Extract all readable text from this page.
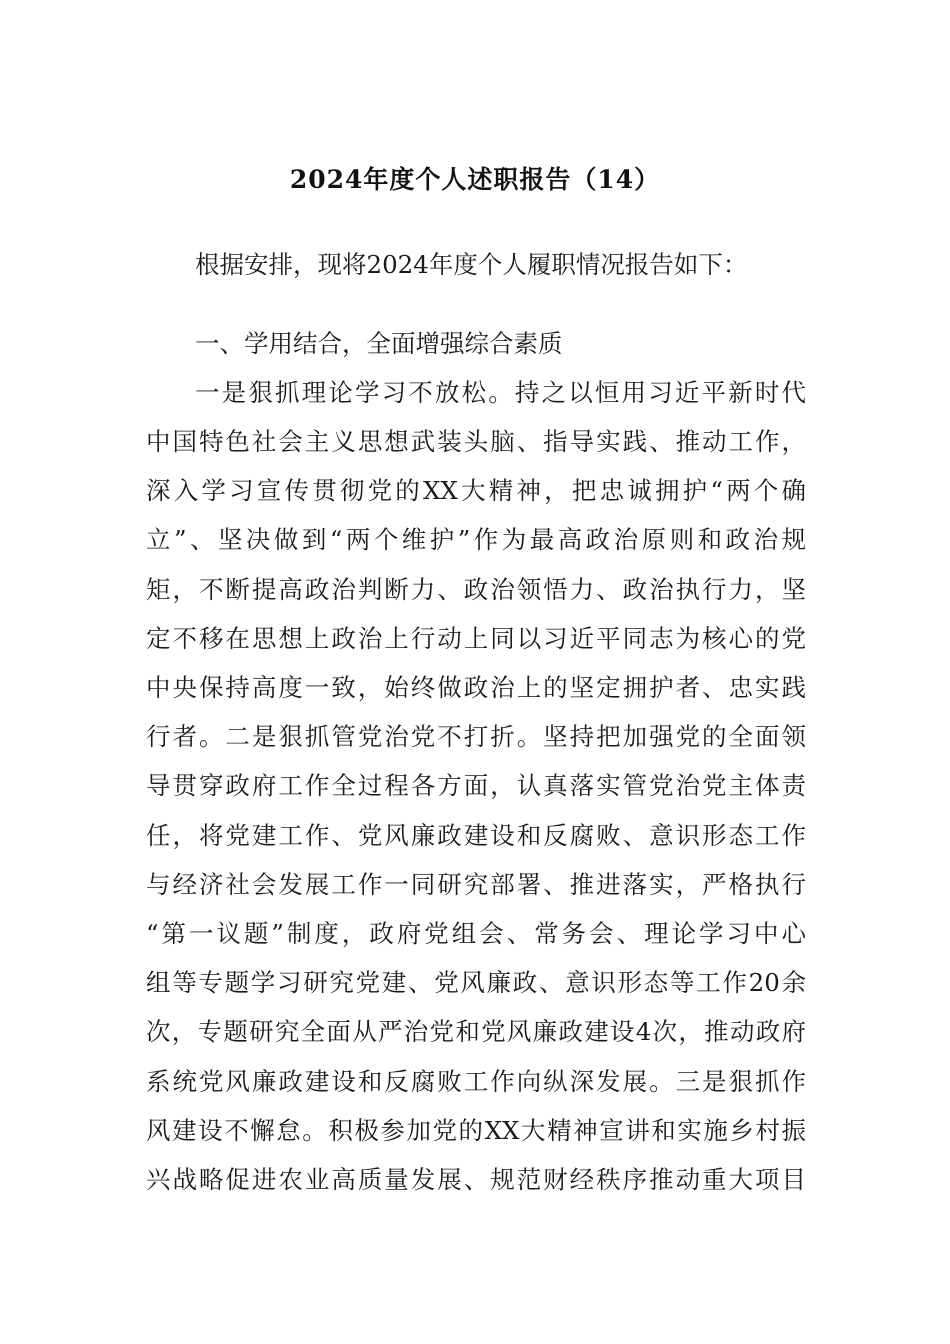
2024年度个人述职报告（14）

根据安排，现将2024年度个人履职情况报告如下：

一、学用结合，全面增强综合素质

一是狠抓理论学习不放松。持之以恒用习近平新时代

中国特色社会主义思想武装头脑、指导实践、推动工作，

深入学习宣传贯彻党的XX大精神，把忠诚拥护“两个确

立”、坚决做到“两个维护”作为最高政治原则和政治规

矩，不断提高政治判断力、政治领悟力、政治执行力，坚

定不移在思想上政治上行动上同以习近平同志为核心的党

中央保持高度一致，始终做政治上的坚定拥护者、忠实践

行者。二是狠抓管党治党不打折。坚持把加强党的全面领

导贯穿政府工作全过程各方面，认真落实管党治党主体责

任，将党建工作、党风廉政建设和反腐败、意识形态工作

与经济社会发展工作一同研究部署、推进落实，严格执行

“第一议题”制度，政府党组会、常务会、理论学习中心

组等专题学习研究党建、党风廉政、意识形态等工作20余

次，专题研究全面从严治党和党风廉政建设4次，推动政府

系统党风廉政建设和反腐败工作向纵深发展。三是狠抓作

风建设不懈怠。积极参加党的XX大精神宣讲和实施乡村振

兴战略促进农业高质量发展、规范财经秩序推动重大项目
